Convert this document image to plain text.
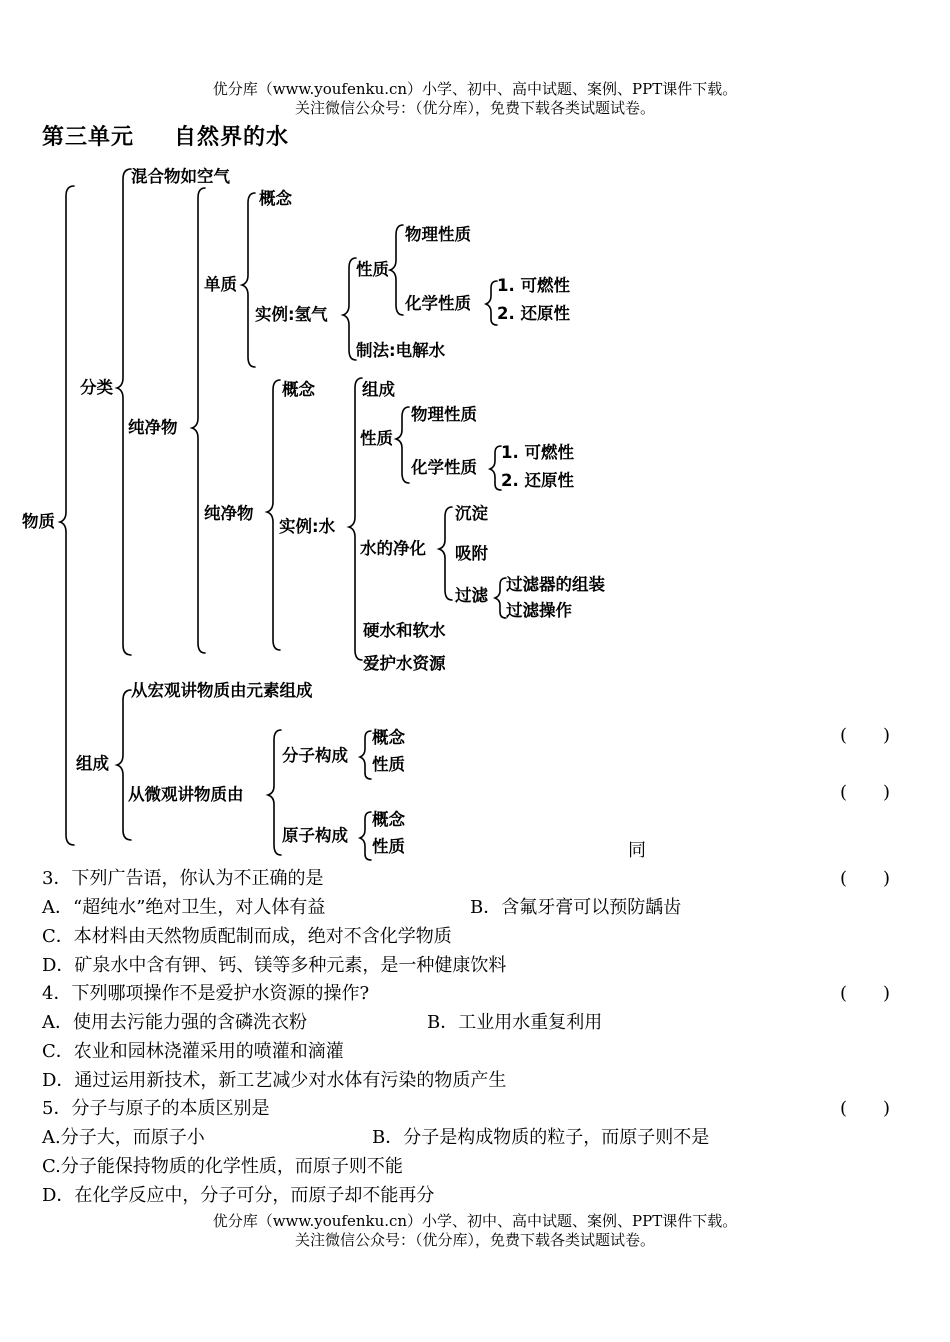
优分库（www.youfenku.cn）小学、初中、高中试题、案例、PPT课件下载。
关注微信公众号：（优分库），免费下载各类试题试卷。
第三单元 自然界的水
物质
分类
混合物如空气
纯净物
单质
概念
实例:氢气
性质
物理性质
化学性质
1. 可燃性
2. 还原性
制法:电解水
纯净物
概念
实例:水
组成
性质
物理性质
化学性质
1. 可燃性
2. 还原性
水的净化
沉淀
吸附
过滤
过滤器的组装
过滤操作
硬水和软水
爱护水资源
组成
从宏观讲物质由元素组成
从微观讲物质由
分子构成
概念
性质
原子构成
概念
性质	同
(　　)
(　　)
(　　)
(　　)
(　　)
3．下列广告语，你认为不正确的是
A．“超纯水”绝对卫生，对人体有益	B．含氟牙膏可以预防龋齿
C．本材料由天然物质配制而成，绝对不含化学物质
D．矿泉水中含有钾、钙、镁等多种元素，是一种健康饮料
4．下列哪项操作不是爱护水资源的操作?
A．使用去污能力强的含磷洗衣粉	B．工业用水重复利用
C．农业和园林浇灌采用的喷灌和滴灌
D．通过运用新技术，新工艺减少对水体有污染的物质产生
5．分子与原子的本质区别是
A.分子大，而原子小	B．分子是构成物质的粒子，而原子则不是
C.分子能保持物质的化学性质，而原子则不能
D．在化学反应中，分子可分，而原子却不能再分
优分库（www.youfenku.cn）小学、初中、高中试题、案例、PPT课件下载。
关注微信公众号：（优分库），免费下载各类试题试卷。
